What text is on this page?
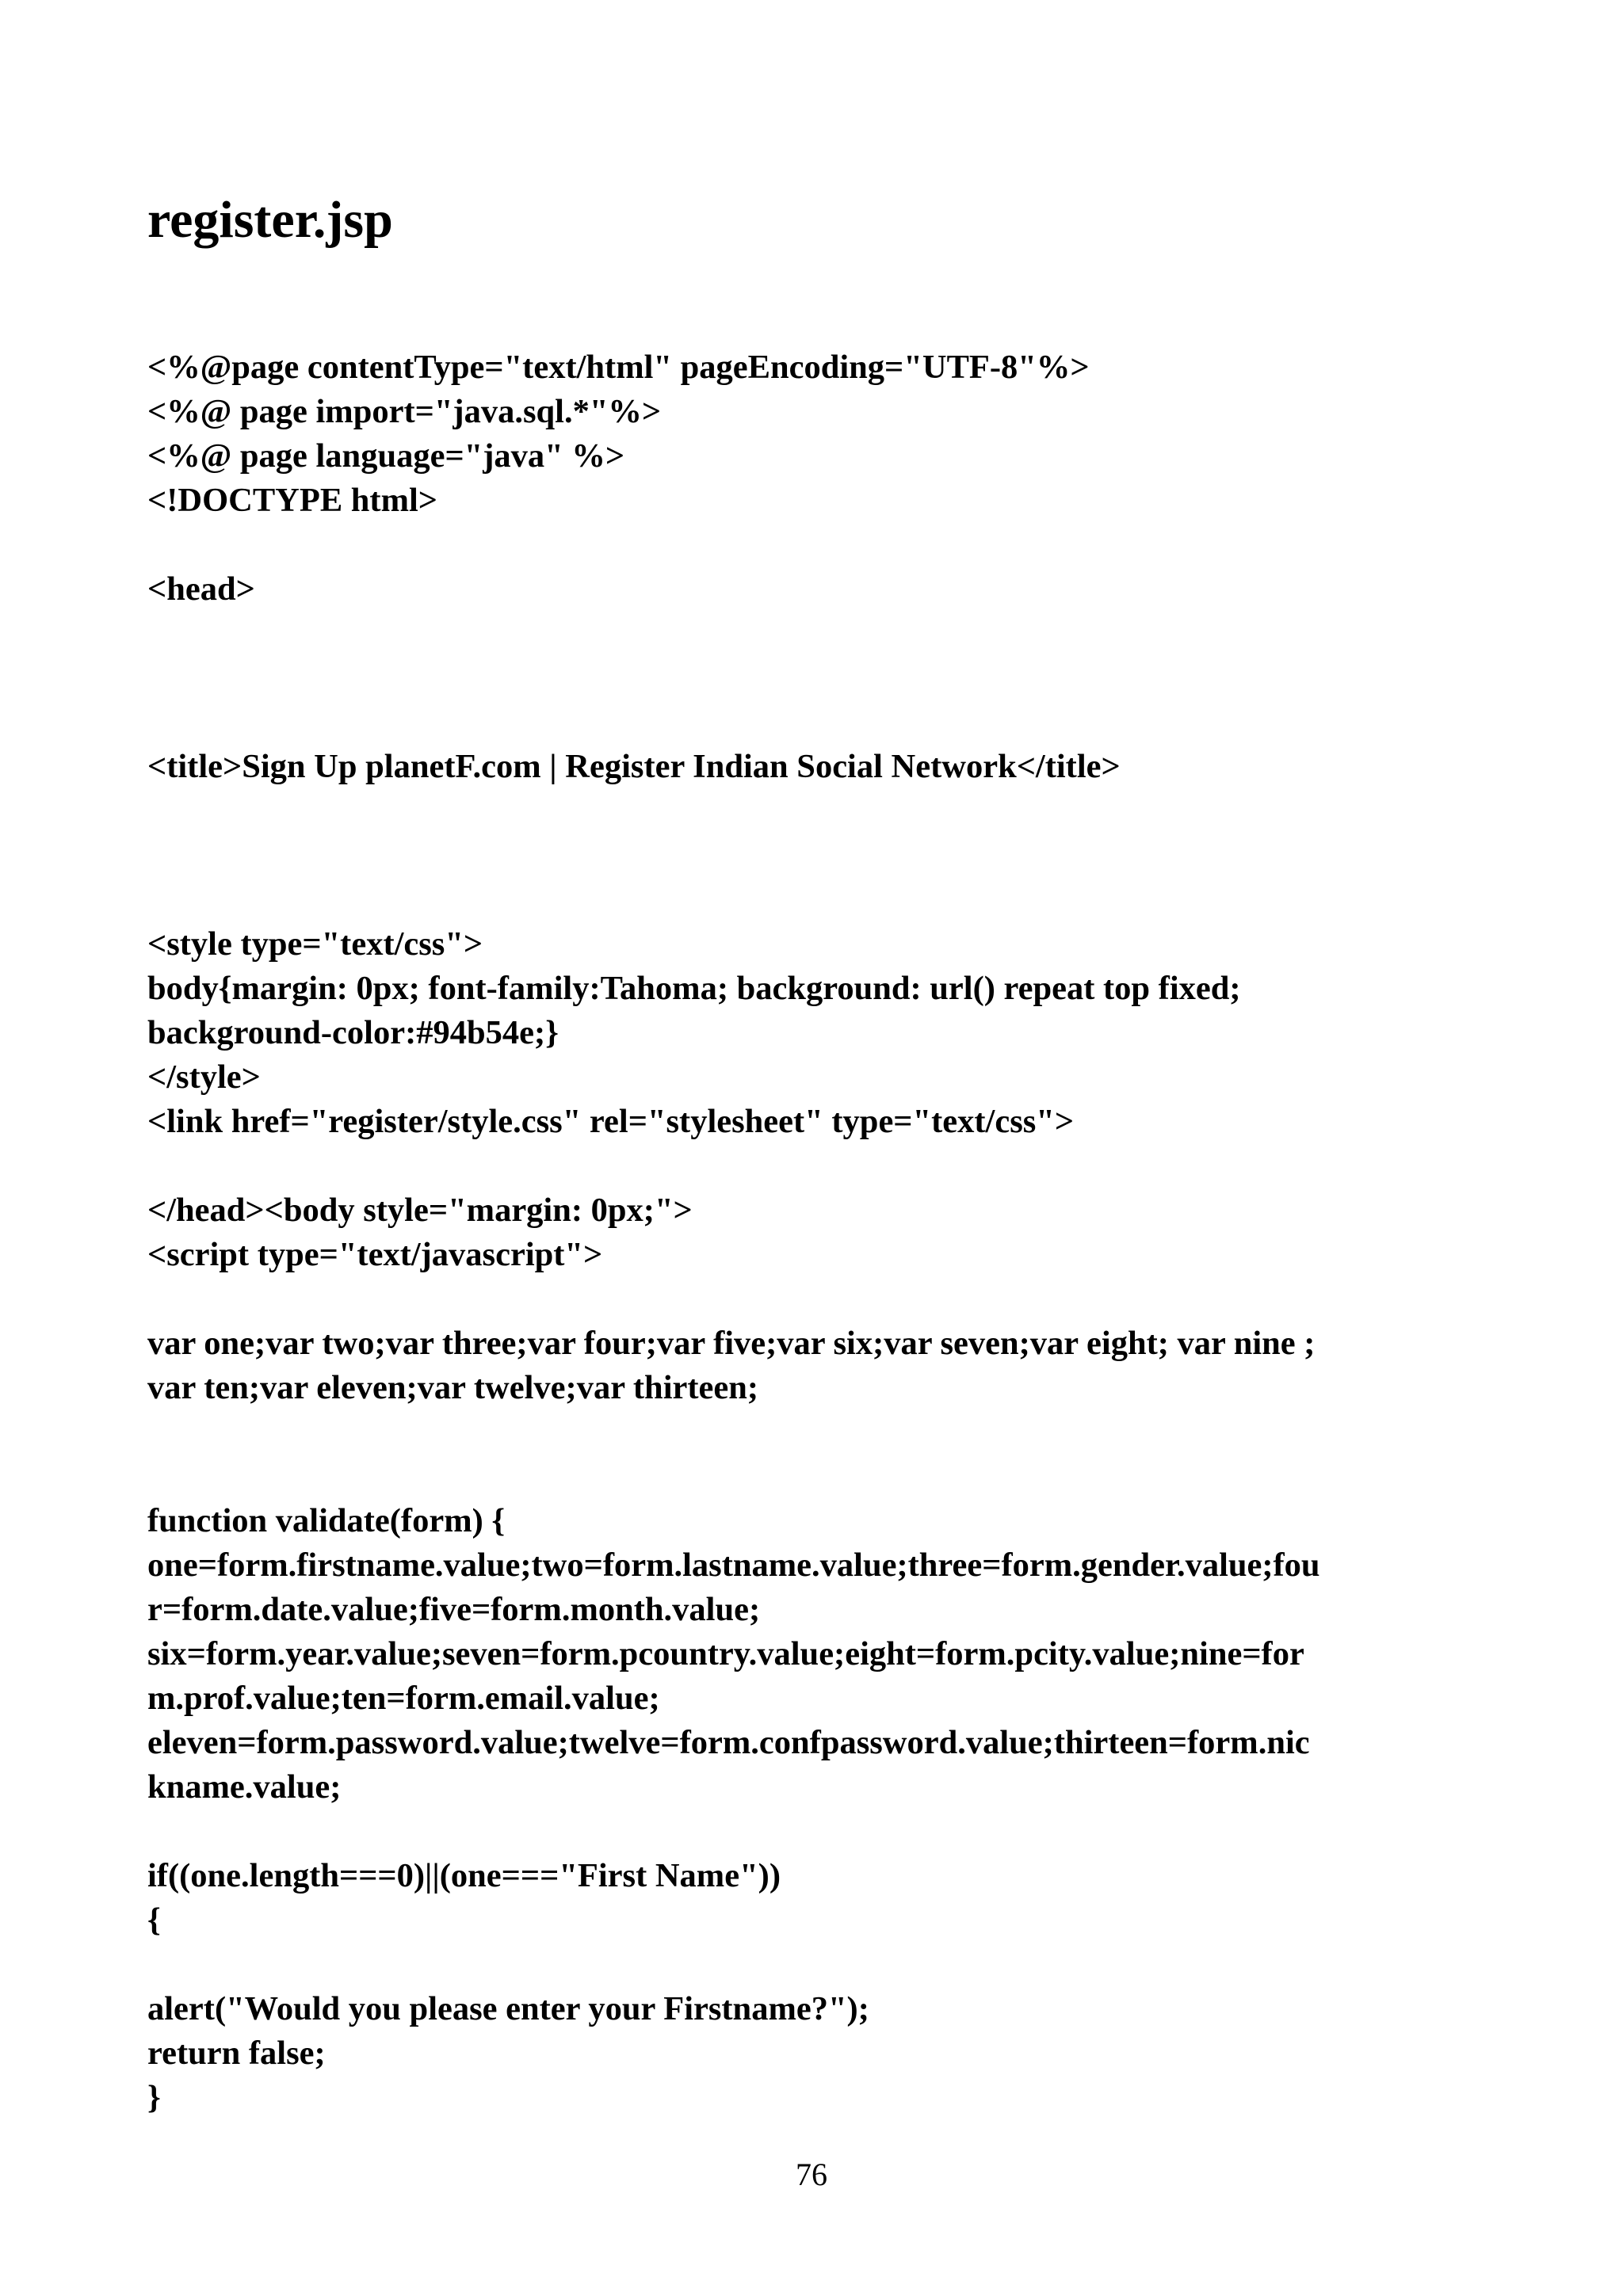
register.jsp

<%@page contentType="text/html" pageEncoding="UTF-8"%>

<%@ page import="java.sql.*"%>

<%@ page language="java" %>

<!DOCTYPE html>

<head>

<title>Sign Up planetF.com | Register Indian Social Network</title>

<style type="text/css">

body{margin: 0px; font-family:Tahoma; background: url() repeat top fixed;

background-color:#94b54e;}

</style>

<link href="register/style.css" rel="stylesheet" type="text/css">

</head><body style="margin: 0px;">

<script type="text/javascript">

var one;var two;var three;var four;var five;var six;var seven;var eight; var nine ;

var ten;var eleven;var twelve;var thirteen;

function validate(form) {

one=form.firstname.value;two=form.lastname.value;three=form.gender.value;fou

r=form.date.value;five=form.month.value;

six=form.year.value;seven=form.pcountry.value;eight=form.pcity.value;nine=for

m.prof.value;ten=form.email.value;

eleven=form.password.value;twelve=form.confpassword.value;thirteen=form.nic

kname.value;

if((one.length===0)||(one==="First Name"))

{

alert("Would you please enter your Firstname?");

return false;

}

76
